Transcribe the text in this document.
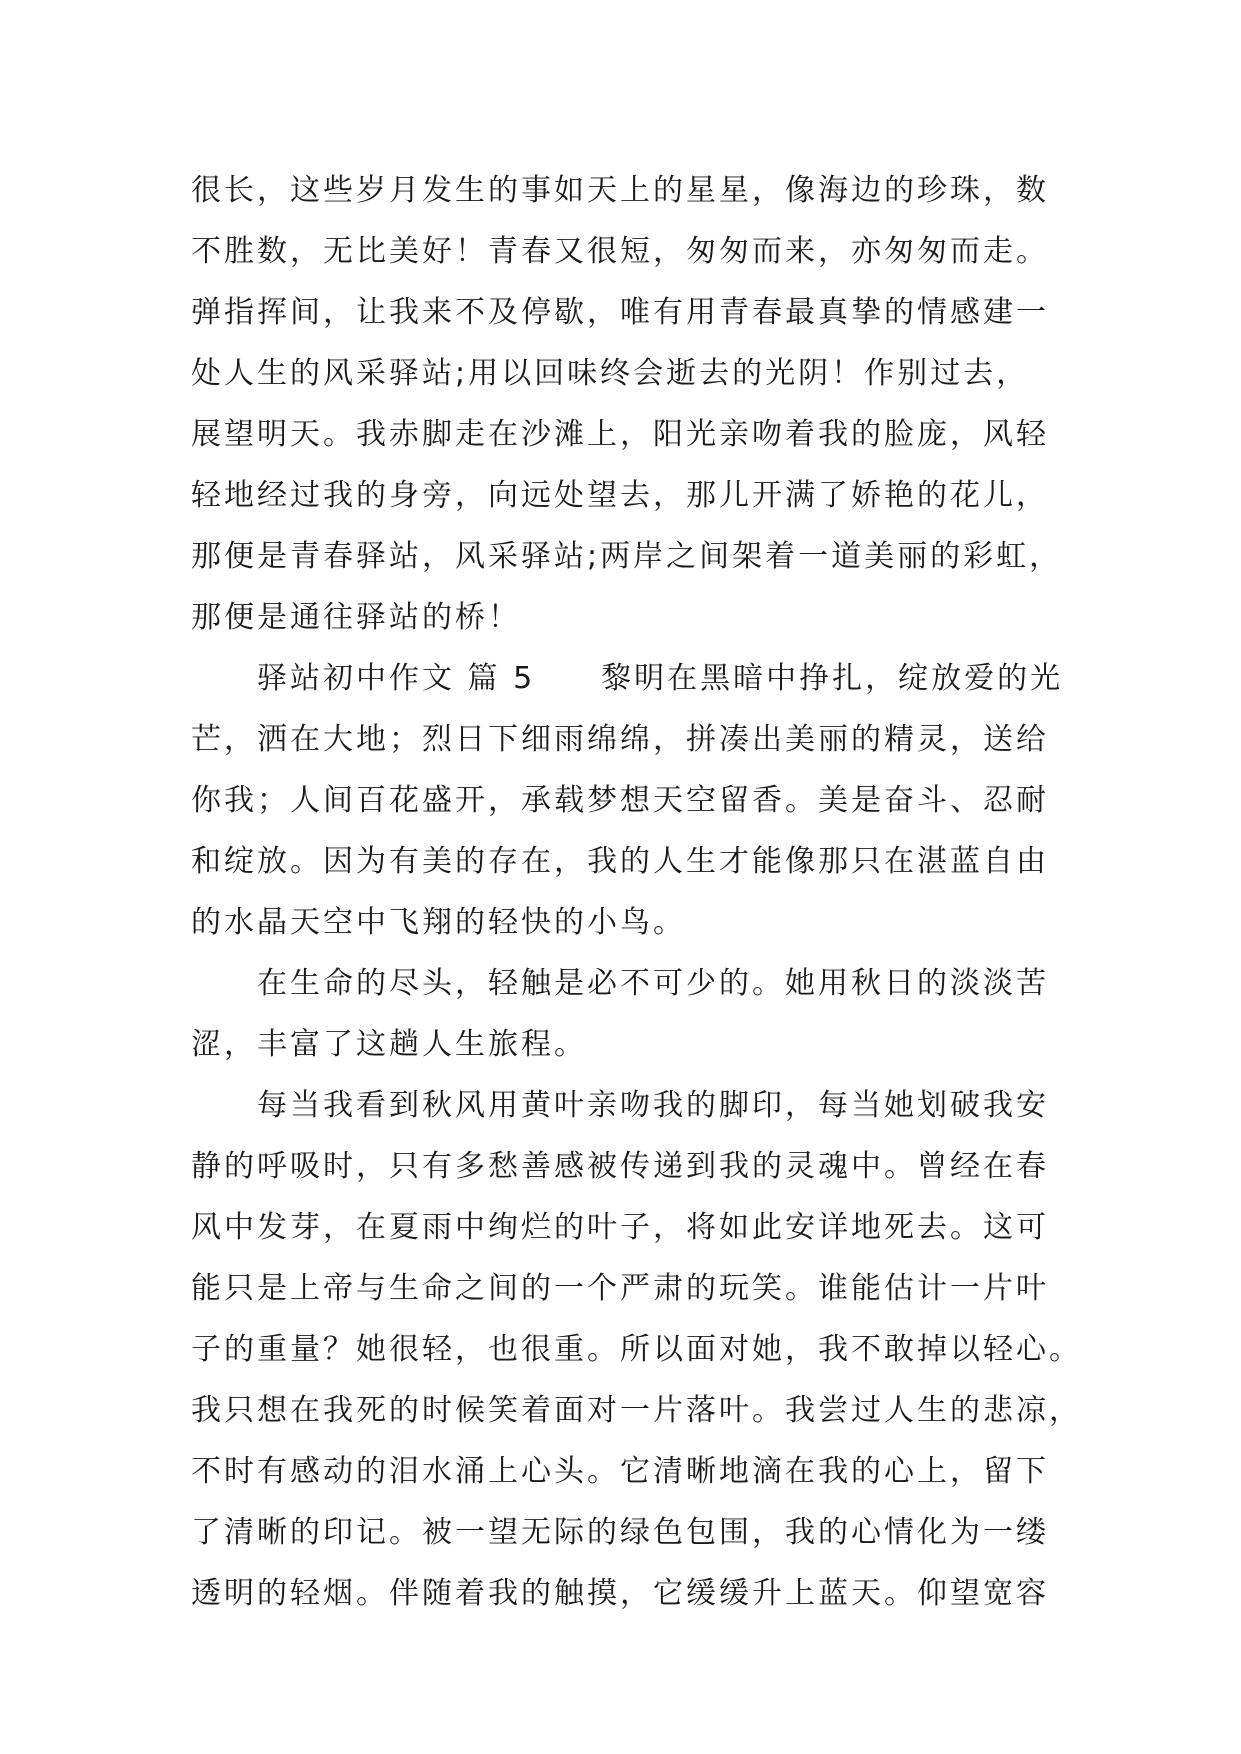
很长，这些岁月发生的事如天上的星星，像海边的珍珠，数
不胜数，无比美好！青春又很短，匆匆而来，亦匆匆而走。
弹指挥间，让我来不及停歇，唯有用青春最真挚的情感建一
处人生的风采驿站;用以回味终会逝去的光阴！作别过去，
展望明天。我赤脚走在沙滩上，阳光亲吻着我的脸庞，风轻
轻地经过我的身旁，向远处望去，那儿开满了娇艳的花儿，
那便是青春驿站，风采驿站;两岸之间架着一道美丽的彩虹，
那便是通往驿站的桥！
　　驿站初中作文 篇 5　　黎明在黑暗中挣扎，绽放爱的光
芒，洒在大地；烈日下细雨绵绵，拼凑出美丽的精灵，送给
你我；人间百花盛开，承载梦想天空留香。美是奋斗、忍耐
和绽放。因为有美的存在，我的人生才能像那只在湛蓝自由
的水晶天空中飞翔的轻快的小鸟。
　　在生命的尽头，轻触是必不可少的。她用秋日的淡淡苦
涩，丰富了这趟人生旅程。
　　每当我看到秋风用黄叶亲吻我的脚印，每当她划破我安
静的呼吸时，只有多愁善感被传递到我的灵魂中。曾经在春
风中发芽，在夏雨中绚烂的叶子，将如此安详地死去。这可
能只是上帝与生命之间的一个严肃的玩笑。谁能估计一片叶
子的重量？她很轻，也很重。所以面对她，我不敢掉以轻心。
我只想在我死的时候笑着面对一片落叶。我尝过人生的悲凉，
不时有感动的泪水涌上心头。它清晰地滴在我的心上，留下
了清晰的印记。被一望无际的绿色包围，我的心情化为一缕
透明的轻烟。伴随着我的触摸，它缓缓升上蓝天。仰望宽容
